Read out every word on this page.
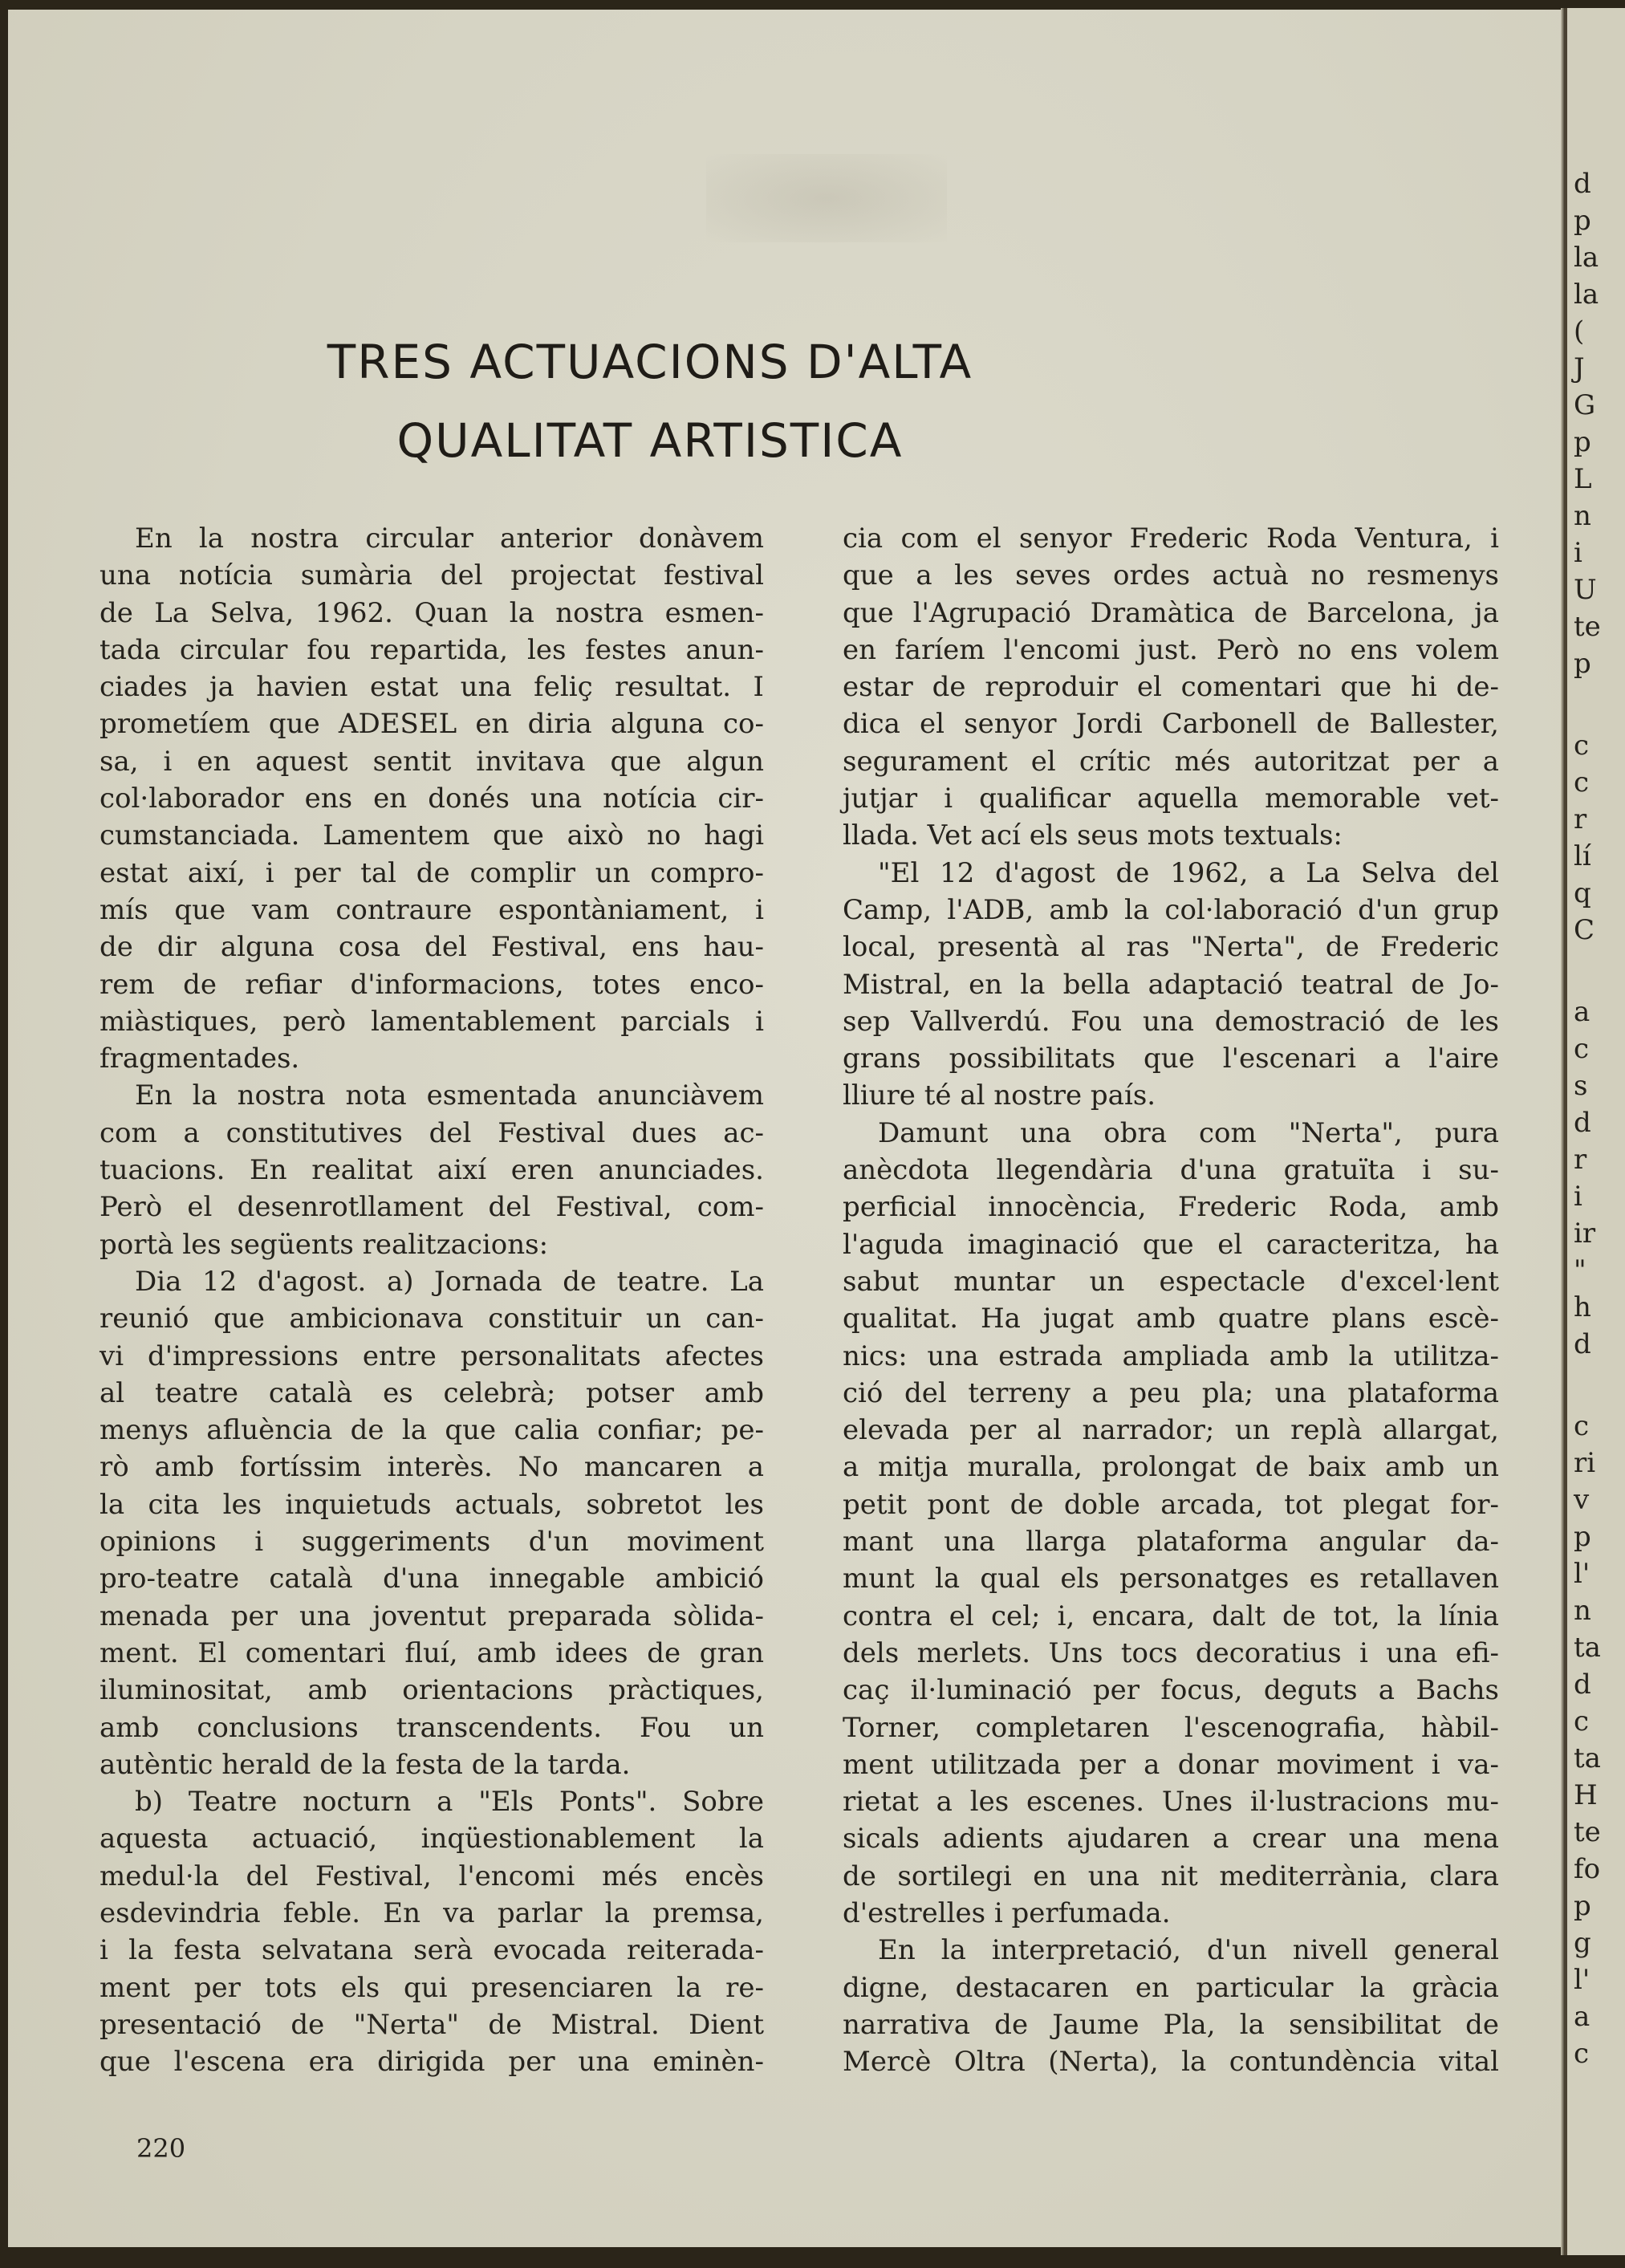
TRES ACTUACIONS D'ALTA
QUALITAT ARTISTICA
En la nostra circular anterior donàvem
una notícia sumària del projectat festival
de La Selva, 1962. Quan la nostra esmen-
tada circular fou repartida, les festes anun-
ciades ja havien estat una feliç resultat. I
prometíem que ADESEL en diria alguna co-
sa, i en aquest sentit invitava que algun
col·laborador ens en donés una notícia cir-
cumstanciada. Lamentem que això no hagi
estat així, i per tal de complir un compro-
mís que vam contraure espontàniament, i
de dir alguna cosa del Festival, ens hau-
rem de refiar d'informacions, totes enco-
miàstiques, però lamentablement parcials i
fragmentades.
En la nostra nota esmentada anunciàvem
com a constitutives del Festival dues ac-
tuacions. En realitat així eren anunciades.
Però el desenrotllament del Festival, com-
portà les següents realitzacions:
Dia 12 d'agost. a) Jornada de teatre. La
reunió que ambicionava constituir un can-
vi d'impressions entre personalitats afectes
al teatre català es celebrà; potser amb
menys afluència de la que calia confiar; pe-
rò amb fortíssim interès. No mancaren a
la cita les inquietuds actuals, sobretot les
opinions i suggeriments d'un moviment
pro-teatre català d'una innegable ambició
menada per una joventut preparada sòlida-
ment. El comentari fluí, amb idees de gran
iluminositat, amb orientacions pràctiques,
amb conclusions transcendents. Fou un
autèntic herald de la festa de la tarda.
b) Teatre nocturn a "Els Ponts". Sobre
aquesta actuació, inqüestionablement la
medul·la del Festival, l'encomi més encès
esdevindria feble. En va parlar la premsa,
i la festa selvatana serà evocada reiterada-
ment per tots els qui presenciaren la re-
presentació de "Nerta" de Mistral. Dient
que l'escena era dirigida per una eminèn-
cia com el senyor Frederic Roda Ventura, i
que a les seves ordes actuà no resmenys
que l'Agrupació Dramàtica de Barcelona, ja
en faríem l'encomi just. Però no ens volem
estar de reproduir el comentari que hi de-
dica el senyor Jordi Carbonell de Ballester,
segurament el crític més autoritzat per a
jutjar i qualificar aquella memorable vet-
llada. Vet ací els seus mots textuals:
"El 12 d'agost de 1962, a La Selva del
Camp, l'ADB, amb la col·laboració d'un grup
local, presentà al ras "Nerta", de Frederic
Mistral, en la bella adaptació teatral de Jo-
sep Vallverdú. Fou una demostració de les
grans possibilitats que l'escenari a l'aire
lliure té al nostre país.
Damunt una obra com "Nerta", pura
anècdota llegendària d'una gratuïta i su-
perficial innocència, Frederic Roda, amb
l'aguda imaginació que el caracteritza, ha
sabut muntar un espectacle d'excel·lent
qualitat. Ha jugat amb quatre plans escè-
nics: una estrada ampliada amb la utilitza-
ció del terreny a peu pla; una plataforma
elevada per al narrador; un replà allargat,
a mitja muralla, prolongat de baix amb un
petit pont de doble arcada, tot plegat for-
mant una llarga plataforma angular da-
munt la qual els personatges es retallaven
contra el cel; i, encara, dalt de tot, la línia
dels merlets. Uns tocs decoratius i una efi-
caç il·luminació per focus, deguts a Bachs
Torner, completaren l'escenografia, hàbil-
ment utilitzada per a donar moviment i va-
rietat a les escenes. Unes il·lustracions mu-
sicals adients ajudaren a crear una mena
de sortilegi en una nit mediterrània, clara
d'estrelles i perfumada.
En la interpretació, d'un nivell general
digne, destacaren en particular la gràcia
narrativa de Jaume Pla, la sensibilitat de
Mercè Oltra (Nerta), la contundència vital
220
d
p
la
la
(
J
G
p
L
n
i
U
te
p
c
c
r
lí
q
C
a
c
s
d
r
i
ir
"
h
d
c
ri
v
p
l'
n
ta
d
c
ta
H
te
fo
p
g
l'
a
c
